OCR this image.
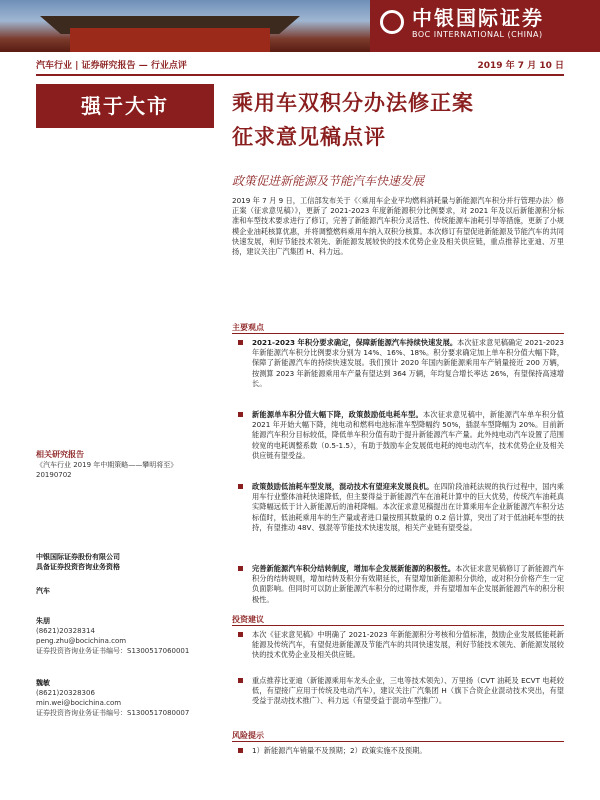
中银国际证券
BOC INTERNATIONAL (CHINA)
汽车行业 | 证券研究报告 — 行业点评	2019 年 7 月 10 日
强于大市
相关研究报告
《汽车行业 2019 年中期策略——攀明将至》 20190702
中银国际证券股份有限公司
具备证券投资咨询业务资格
汽车
朱朋
(8621)20328314
peng.zhu@bocichina.com
证券投资咨询业务证书编号：S1300517060001
魏敏
(8621)20328306
min.wei@bocichina.com
证券投资咨询业务证书编号：S1300517080007
乘用车双积分办法修正案
征求意见稿点评
政策促进新能源及节能汽车快速发展
2019 年 7 月 9 日，工信部发布关于《〈乘用车企业平均燃料消耗量与新能源汽车积分并行管理办法〉修正案（征求意见稿）》，更新了 2021-2023 年度新能源积分比例要求，对 2021 年及以后新能源积分标准和车型技术要求进行了修订，完善了新能源汽车积分灵活性、传统能源车油耗引导等措施，更新了小规模企业油耗核算优惠，并将调整燃料乘用车纳入双积分核算。本次修订有望促进新能源及节能汽车的共同快速发展，利好节能技术领先、新能源发展较快的技术优势企业及相关供应链，重点推荐比亚迪、万里扬，建议关注广汽集团 H、科力远。
主要观点
2021-2023 年积分要求确定，保障新能源汽车持续快速发展。本次征求意见稿确定 2021-2023 年新能源汽车积分比例要求分别为 14%、16%、18%。积分要求确定加上单车积分值大幅下降，保障了新能源汽车的持续快速发展。我们预计 2020 年国内新能源乘用车产销量接近 200 万辆，按测算 2023 年新能源乘用车产量有望达到 364 万辆，年均复合增长率达 26%，有望保持高速增长。
新能源单车积分值大幅下降，政策鼓励低电耗车型。本次征求意见稿中，新能源汽车单车积分值 2021 年开始大幅下降，纯电动和燃料电池标准车型降幅约 50%，插混车型降幅为 20%。目前新能源汽车积分目标较低，降低单车积分值有助于提升新能源汽车产量。此外纯电动汽车设置了范围较宽的电耗调整系数（0.5-1.5），有助于鼓励车企发展低电耗的纯电动汽车，技术优势企业及相关供应链有望受益。
政策鼓励低油耗车型发展，混动技术有望迎来发展良机。在四阶段油耗法规的执行过程中，国内乘用车行业整体油耗快速降低，但主要得益于新能源汽车在油耗计算中的巨大优势，传统汽车油耗真实降幅远低于计入新能源后的油耗降幅。本次征求意见稿提出在计算乘用车企业新能源汽车积分达标值时，低油耗乘用车的生产量或者进口量按照其数量的 0.2 倍计算，突出了对于低油耗车型的扶持，有望推动 48V、强混等节能技术快速发展，相关产业链有望受益。
完善新能源汽车积分结转制度，增加车企发展新能源的积极性。本次征求意见稿修订了新能源汽车积分的结转规则，增加结转及积分有效期延长，有望增加新能源积分供给，或对积分价格产生一定负面影响。但同时可以防止新能源汽车积分的过期作废，并有望增加车企发展新能源汽车的积分积极性。
投资建议
本次《征求意见稿》中明确了 2021-2023 年新能源积分考核和分值标准，鼓励企业发展低能耗新能源及传统汽车，有望促进新能源及节能汽车的共同快速发展，利好节能技术领先、新能源发展较快的技术优势企业及相关供应链。
重点推荐比亚迪（新能源乘用车龙头企业，三电等技术领先）、万里扬（CVT 油耗及 ECVT 电耗较低，有望接广应用于传统及电动汽车），建议关注广汽集团 H（旗下合资企业混动技术突出，有望受益于混动技术推广）、科力远（有望受益于混动车型推广）。
风险提示
1）新能源汽车销量不及预期；2）政策实施不及预期。
